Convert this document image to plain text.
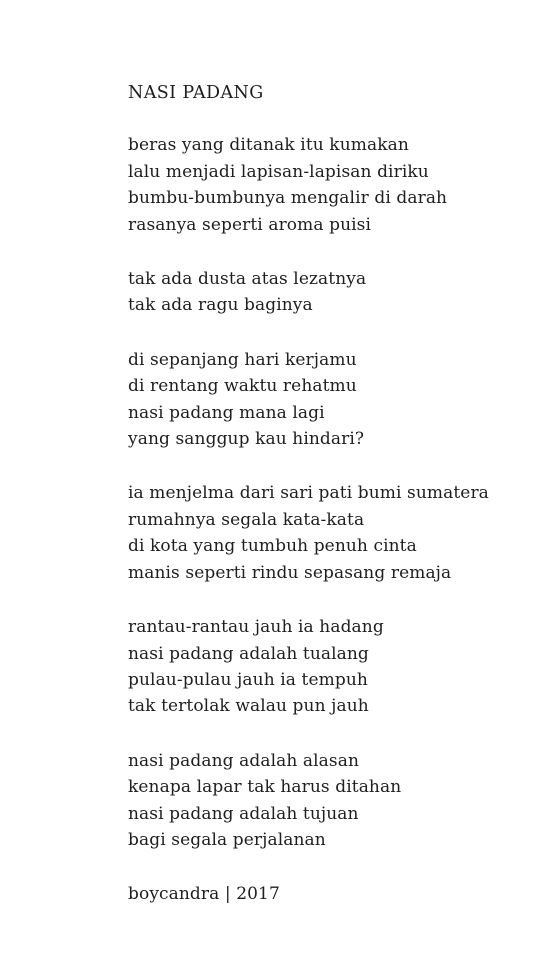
NASI PADANG
beras yang ditanak itu kumakan
lalu menjadi lapisan-lapisan diriku
bumbu-bumbunya mengalir di darah
rasanya seperti aroma puisi
tak ada dusta atas lezatnya
tak ada ragu baginya
di sepanjang hari kerjamu
di rentang waktu rehatmu
nasi padang mana lagi
yang sanggup kau hindari?
ia menjelma dari sari pati bumi sumatera
rumahnya segala kata-kata
di kota yang tumbuh penuh cinta
manis seperti rindu sepasang remaja
rantau-rantau jauh ia hadang
nasi padang adalah tualang
pulau-pulau jauh ia tempuh
tak tertolak walau pun jauh
nasi padang adalah alasan
kenapa lapar tak harus ditahan
nasi padang adalah tujuan
bagi segala perjalanan
boycandra | 2017
